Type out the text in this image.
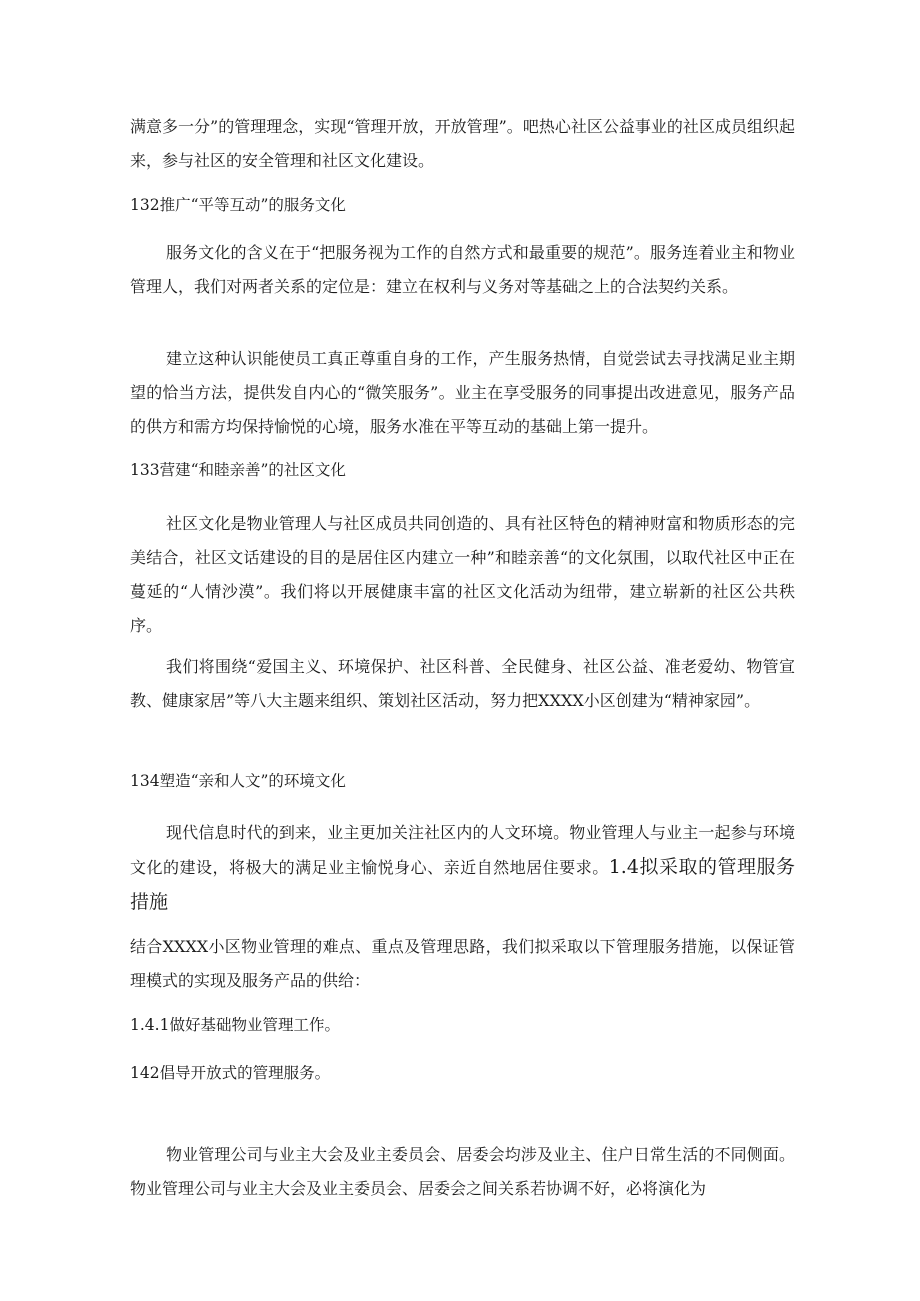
满意多一分”的管理理念，实现“管理开放，开放管理”。吧热心社区公益事业的社区成员组织起来，参与社区的安全管理和社区文化建设。

132推广“平等互动”的服务文化

服务文化的含义在于“把服务视为工作的自然方式和最重要的规范”。服务连着业主和物业管理人，我们对两者关系的定位是：建立在权利与义务对等基础之上的合法契约关系。

建立这种认识能使员工真正尊重自身的工作，产生服务热情，自觉尝试去寻找满足业主期望的恰当方法，提供发自内心的“微笑服务”。业主在享受服务的同事提出改进意见，服务产品的供方和需方均保持愉悦的心境，服务水准在平等互动的基础上第一提升。

133营建“和睦亲善”的社区文化

社区文化是物业管理人与社区成员共同创造的、具有社区特色的精神财富和物质形态的完美结合，社区文话建设的目的是居住区内建立一种”和睦亲善“的文化氛围，以取代社区中正在蔓延的“人情沙漠”。我们将以开展健康丰富的社区文化活动为纽带，建立崭新的社区公共秩序。

我们将围绕“爱国主义、环境保护、社区科普、全民健身、社区公益、准老爱幼、物管宣教、健康家居”等八大主题来组织、策划社区活动，努力把XXXX小区创建为“精神家园”。

134塑造“亲和人文”的环境文化

现代信息时代的到来，业主更加关注社区内的人文环境。物业管理人与业主一起参与环境文化的建设，将极大的满足业主愉悦身心、亲近自然地居住要求。1.4拟采取的管理服务措施

结合XXXX小区物业管理的难点、重点及管理思路，我们拟采取以下管理服务措施，以保证管理模式的实现及服务产品的供给：

1.4.1做好基础物业管理工作。

142倡导开放式的管理服务。

物业管理公司与业主大会及业主委员会、居委会均涉及业主、住户日常生活的不同侧面。物业管理公司与业主大会及业主委员会、居委会之间关系若协调不好，必将演化为
